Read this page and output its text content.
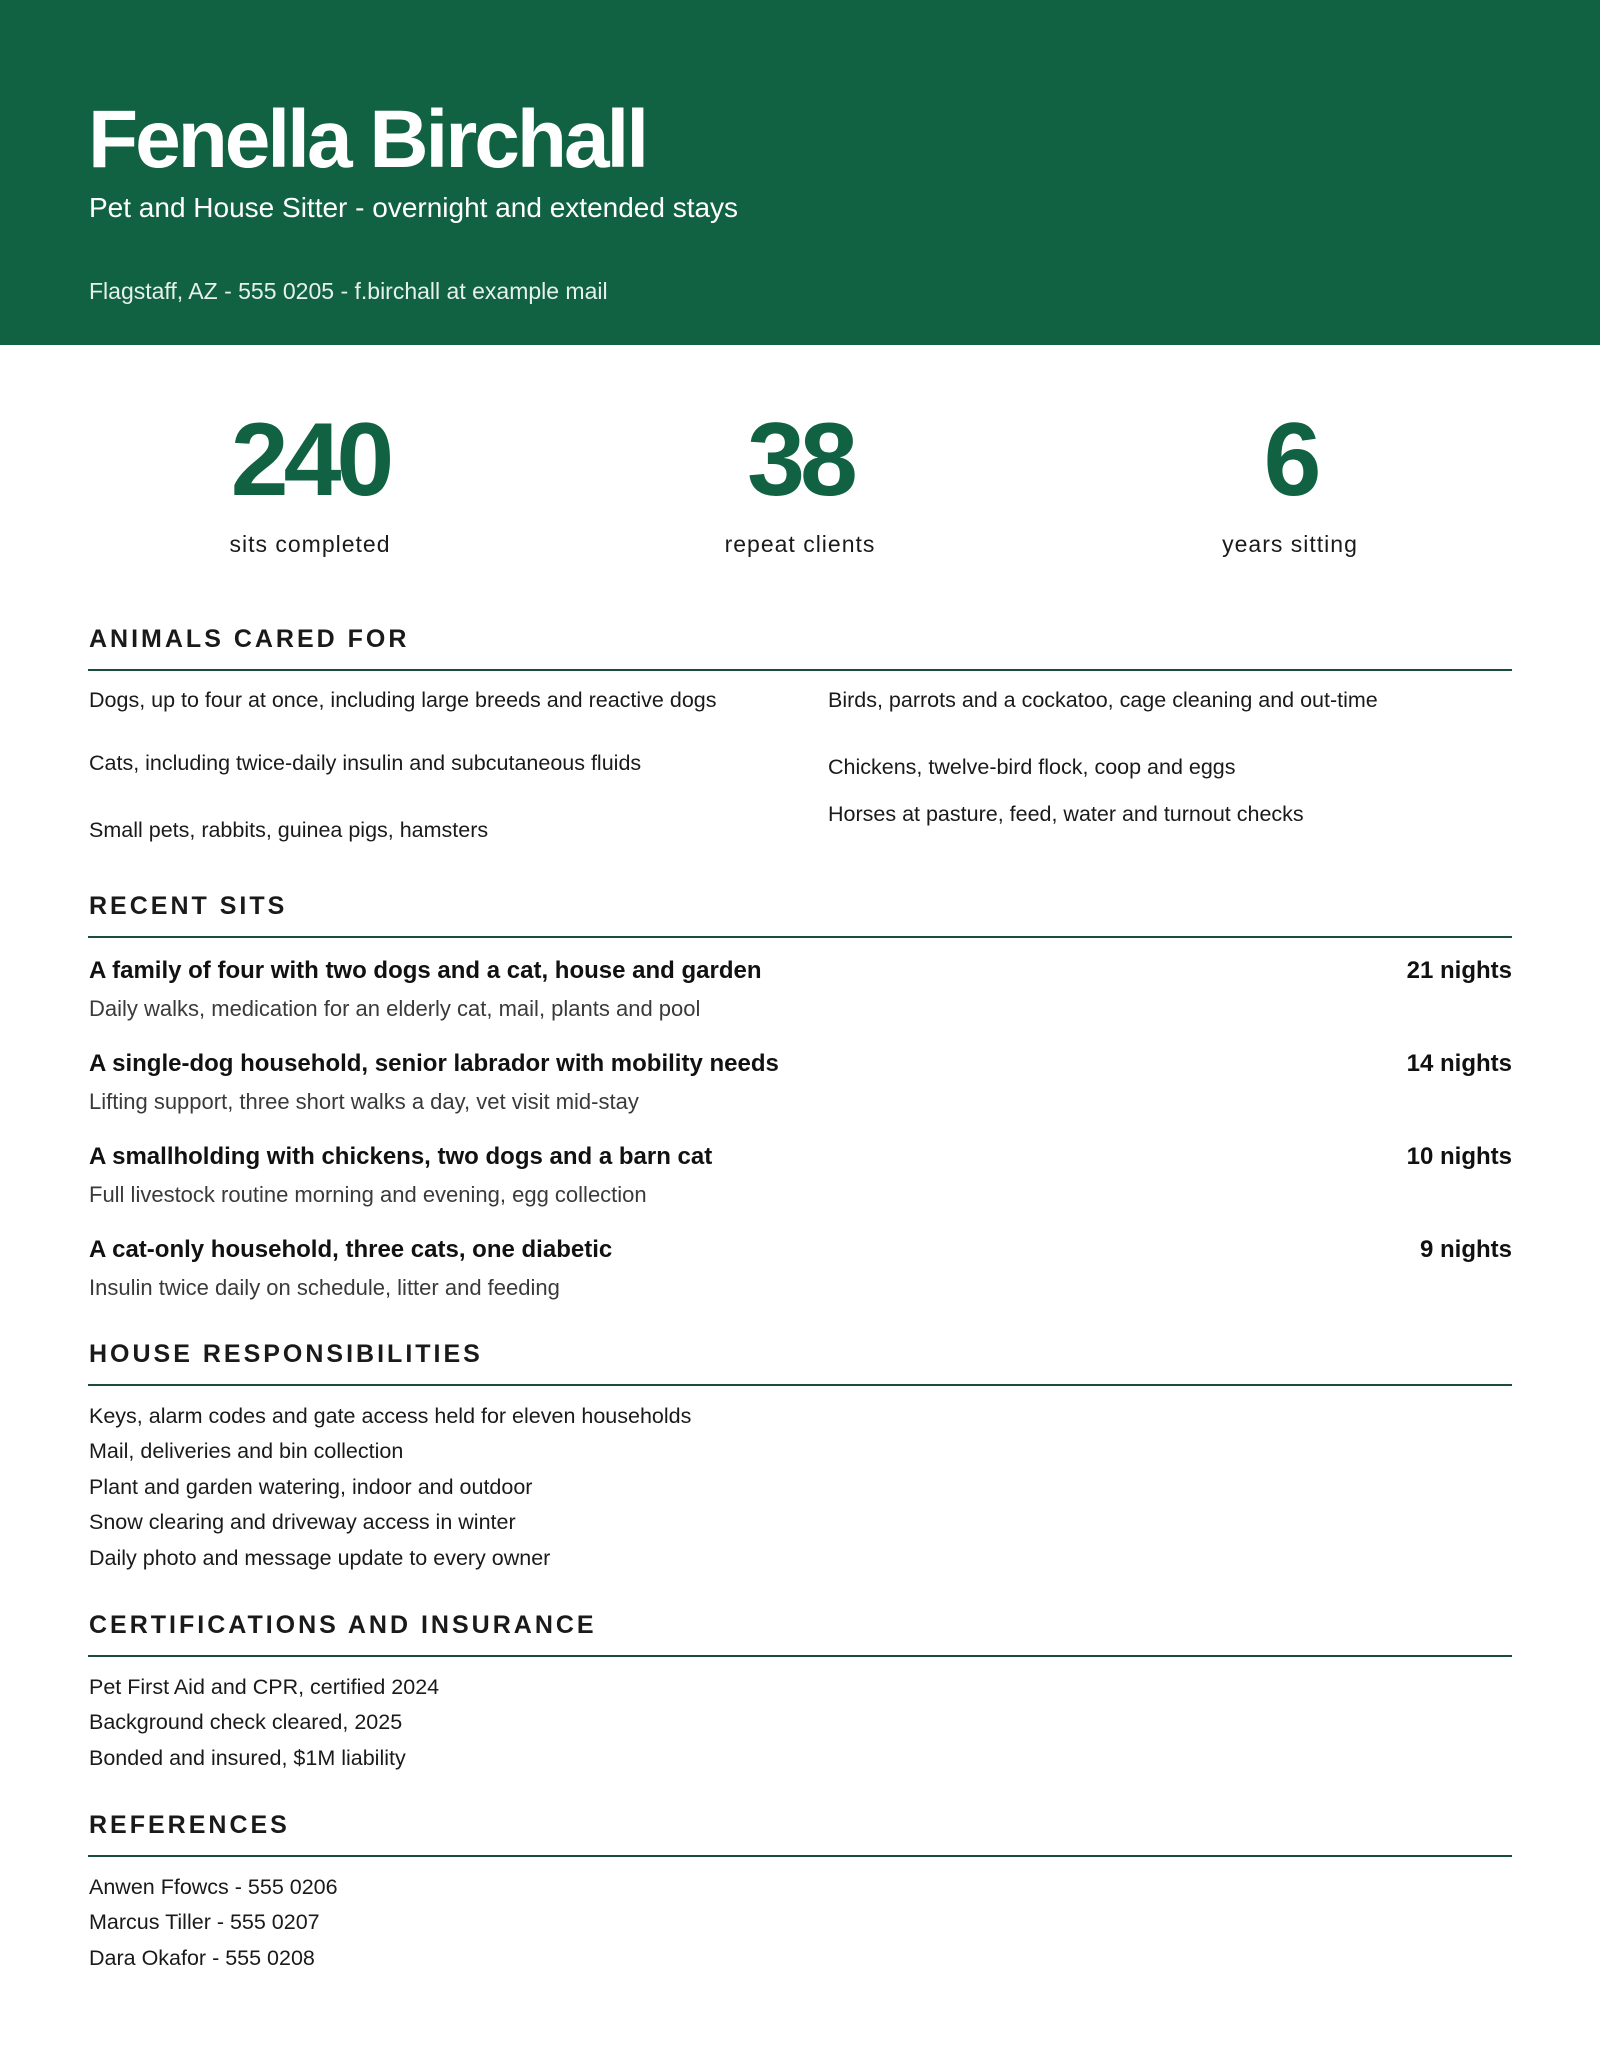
Fenella Birchall
Pet and House Sitter - overnight and extended stays
Flagstaff, AZ - 555 0205 - f.birchall at example mail
240
sits completed
38
repeat clients
6
years sitting
ANIMALS CARED FOR
Dogs, up to four at once, including large breeds and reactive dogs
Cats, including twice-daily insulin and subcutaneous fluids
Small pets, rabbits, guinea pigs, hamsters
Birds, parrots and a cockatoo, cage cleaning and out-time
Chickens, twelve-bird flock, coop and eggs
Horses at pasture, feed, water and turnout checks
RECENT SITS
A family of four with two dogs and a cat, house and garden	21 nights
Daily walks, medication for an elderly cat, mail, plants and pool
A single-dog household, senior labrador with mobility needs	14 nights
Lifting support, three short walks a day, vet visit mid-stay
A smallholding with chickens, two dogs and a barn cat	10 nights
Full livestock routine morning and evening, egg collection
A cat-only household, three cats, one diabetic	9 nights
Insulin twice daily on schedule, litter and feeding
HOUSE RESPONSIBILITIES
Keys, alarm codes and gate access held for eleven households
Mail, deliveries and bin collection
Plant and garden watering, indoor and outdoor
Snow clearing and driveway access in winter
Daily photo and message update to every owner
CERTIFICATIONS AND INSURANCE
Pet First Aid and CPR, certified 2024
Background check cleared, 2025
Bonded and insured, $1M liability
REFERENCES
Anwen Ffowcs - 555 0206
Marcus Tiller - 555 0207
Dara Okafor - 555 0208
